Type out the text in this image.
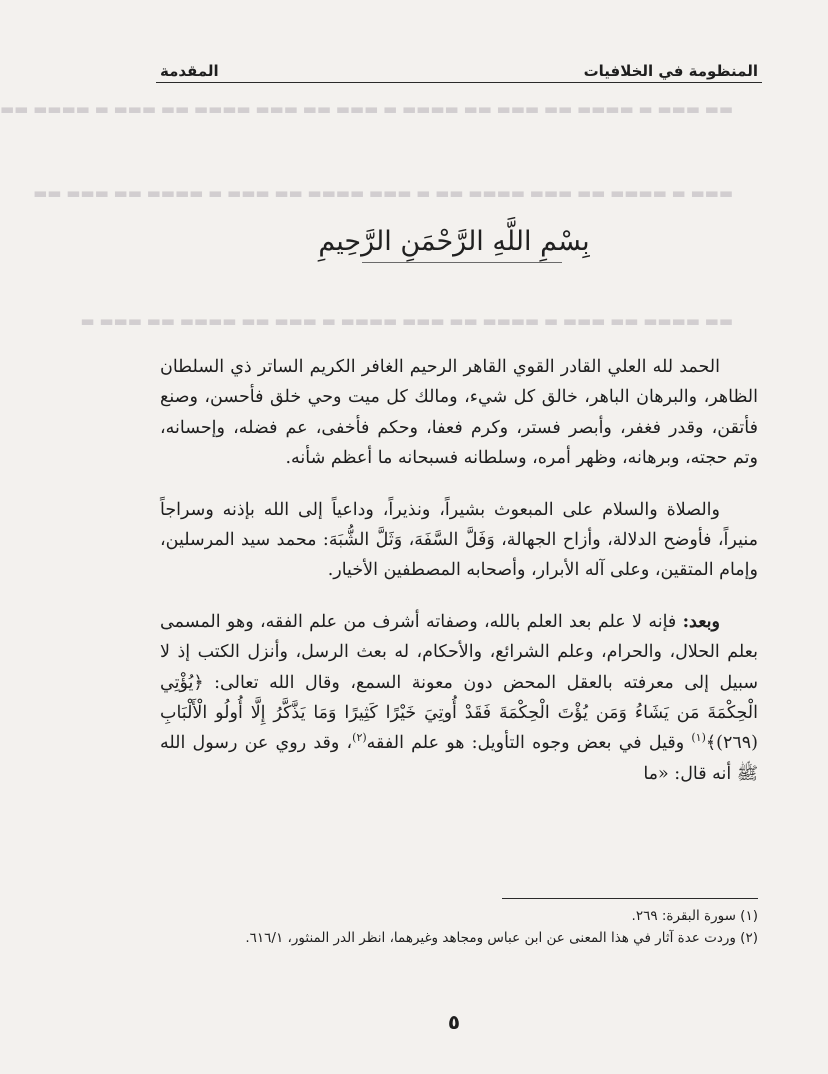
المنظومة في الخلافيات
المقدمة
▬▬ ▬▬▬ ▬ ▬▬▬▬ ▬▬ ▬▬▬ ▬▬ ▬▬▬▬ ▬ ▬▬▬ ▬▬ ▬▬▬ ▬▬▬▬ ▬▬ ▬▬▬ ▬ ▬▬▬▬ ▬▬
▬▬▬ ▬ ▬▬▬▬ ▬▬ ▬▬▬ ▬▬▬▬ ▬▬ ▬ ▬▬▬ ▬▬▬▬ ▬▬ ▬▬▬ ▬ ▬▬▬▬ ▬▬ ▬▬▬ ▬▬
▬▬ ▬▬▬▬ ▬▬ ▬▬▬ ▬ ▬▬▬▬ ▬▬ ▬▬▬ ▬▬▬▬ ▬ ▬▬▬ ▬▬ ▬▬▬▬ ▬▬ ▬▬▬ ▬
بِسْمِ اللَّهِ الرَّحْمَنِ الرَّحِيمِ

الحمد لله العلي القادر القوي القاهر الرحيم الغافر الكريم الساتر ذي السلطان الظاهر، والبرهان الباهر، خالق كل شيء، ومالك كل ميت وحي خلق فأحسن، وصنع فأتقن، وقدر فغفر، وأبصر فستر، وكرم فعفا، وحكم فأخفى، عم فضله، وإحسانه، وتم حجته، وبرهانه، وظهر أمره، وسلطانه فسبحانه ما أعظم شأنه.

والصلاة والسلام على المبعوث بشيراً، ونذيراً، وداعياً إلى الله بإذنه وسراجاً منيراً، فأوضح الدلالة، وأزاح الجهالة، وَفَلَّ السَّفَهَ، وَثَلَّ الشُّبَهَ: محمد سيد المرسلين، وإمام المتقين، وعلى آله الأبرار، وأصحابه المصطفين الأخيار.

وبعد: فإنه لا علم بعد العلم بالله، وصفاته أشرف من علم الفقه، وهو المسمى بعلم الحلال، والحرام، وعلم الشرائع، والأحكام، له بعث الرسل، وأنزل الكتب إذ لا سبيل إلى معرفته بالعقل المحض دون معونة السمع، وقال الله تعالى: ﴿يُؤْتِي الْحِكْمَةَ مَن يَشَاءُ وَمَن يُؤْتَ الْحِكْمَةَ فَقَدْ أُوتِيَ خَيْرًا كَثِيرًا وَمَا يَذَّكَّرُ إِلَّا أُولُو الْأَلْبَابِ (٢٦٩)﴾$^{(١)}$ وقيل في بعض وجوه التأويل: هو علم الفقه$^{(٢)}$، وقد روي عن رسول الله ﷺ أنه قال: «ما

(١) سورة البقرة: ٢٦٩.
(٢) وردت عدة آثار في هذا المعنى عن ابن عباس ومجاهد وغيرهما، انظر الدر المنثور، ٦١٦/١.
٥
